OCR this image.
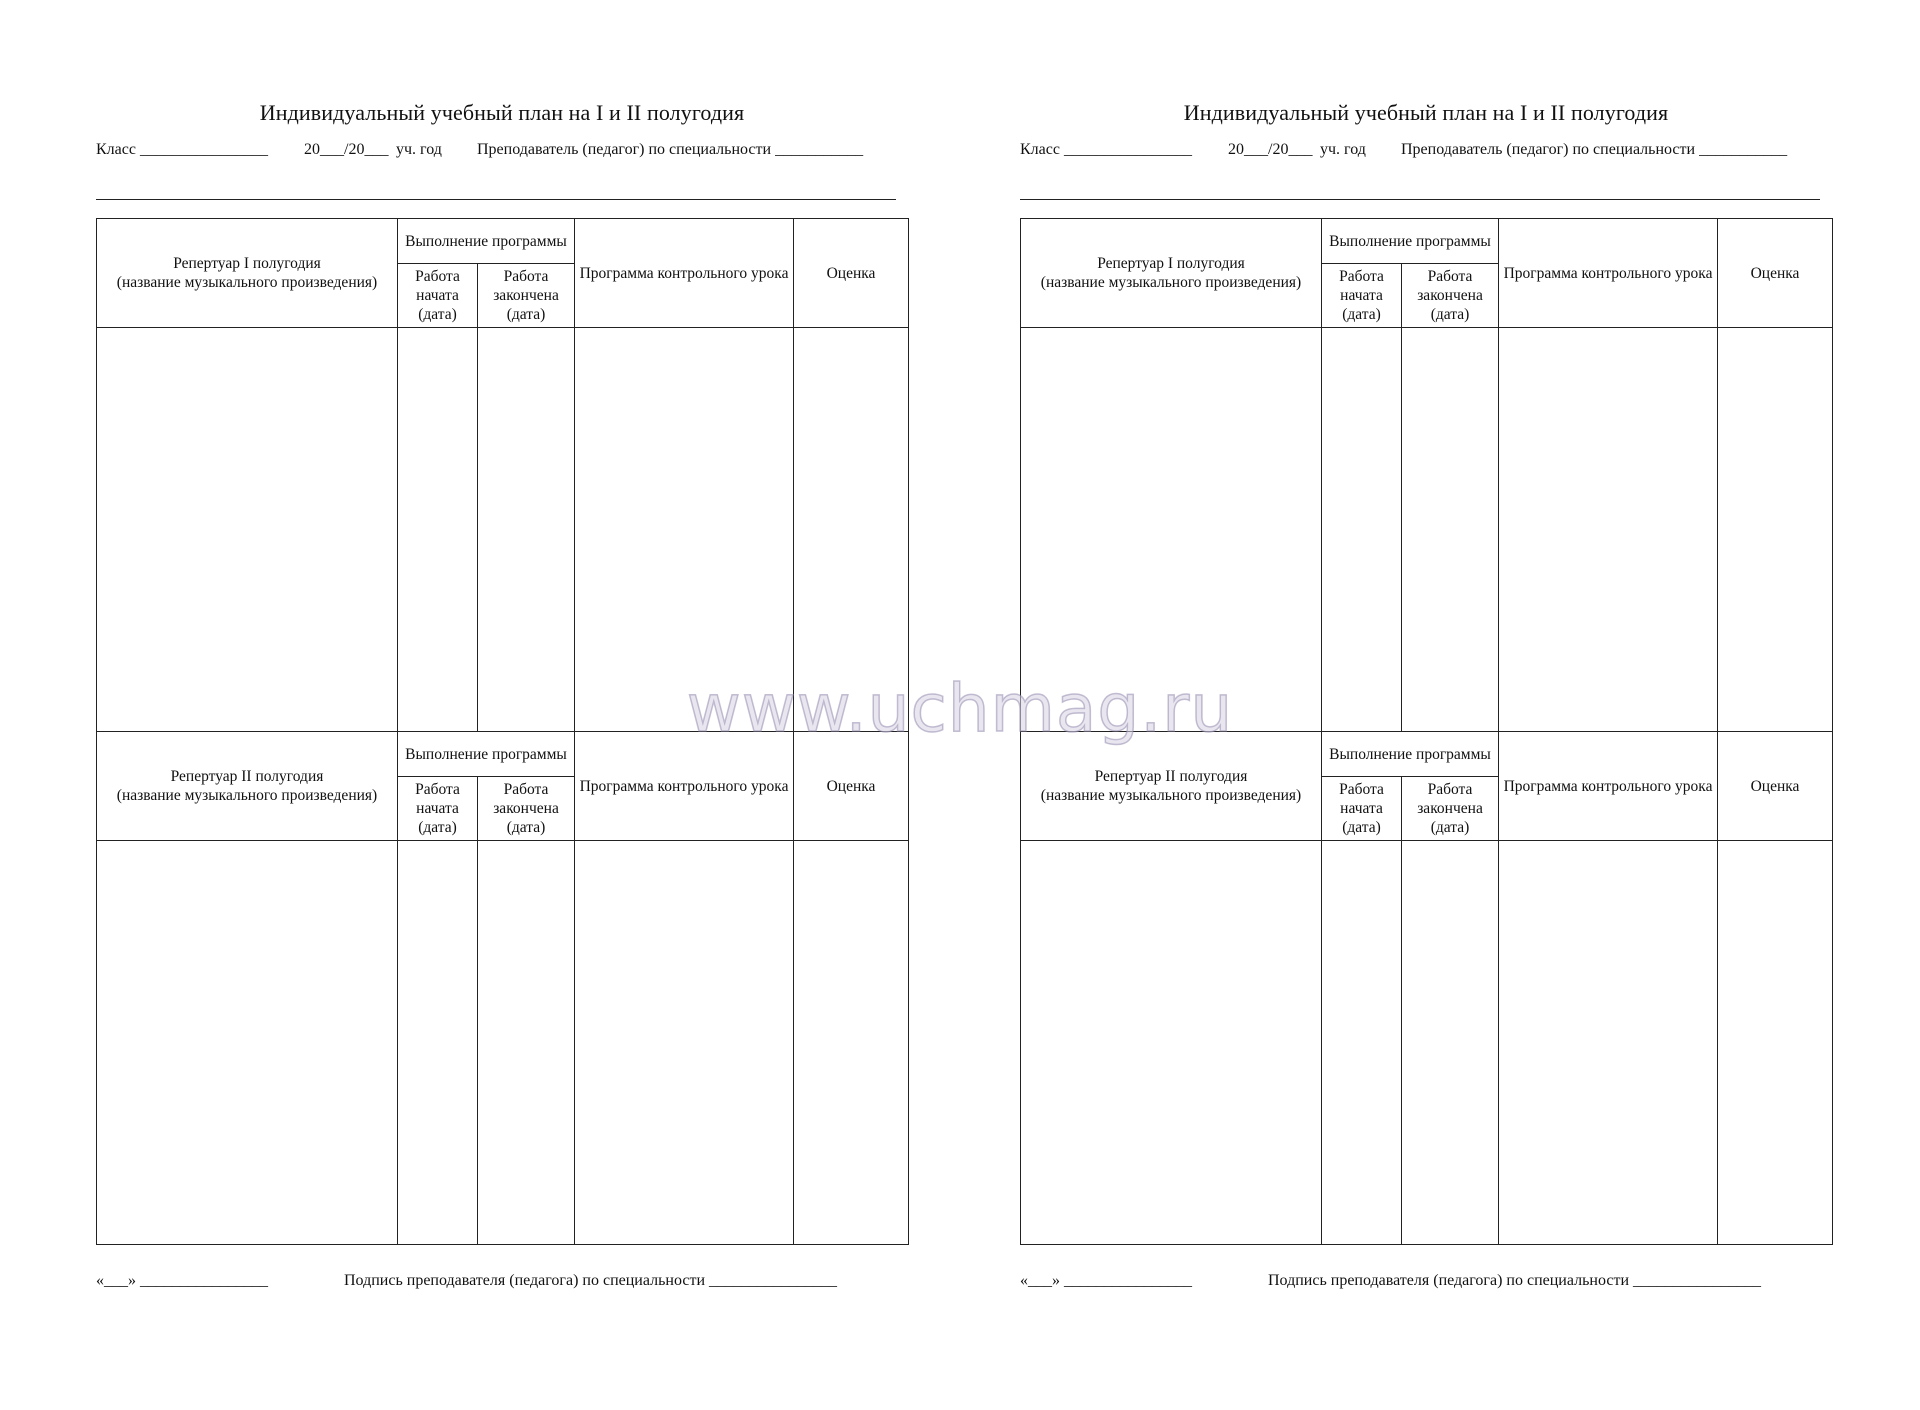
Индивидуальный учебный план на I и II полугодия
Класс ________________ 20___/20___ уч. год Преподаватель (педагог) по специальности ___________
Репертуар I полугодия
(название музыкального произведения)	Выполнение программы		Программа контрольного урока	Оценка
	Работа начата (дата)	Работа закончена (дата)		

Репертуар II полугодия
(название музыкального произведения)	Выполнение программы		Программа контрольного урока	Оценка
	Работа начата (дата)	Работа закончена (дата)		

«___» ________________	Подпись преподавателя (педагога) по специальности ________________
Индивидуальный учебный план на I и II полугодия
Класс ________________ 20___/20___ уч. год Преподаватель (педагог) по специальности ___________
Репертуар I полугодия
(название музыкального произведения)	Выполнение программы		Программа контрольного урока	Оценка
	Работа начата (дата)	Работа закончена (дата)		

Репертуар II полугодия
(название музыкального произведения)	Выполнение программы		Программа контрольного урока	Оценка
	Работа начата (дата)	Работа закончена (дата)		

«___» ________________	Подпись преподавателя (педагога) по специальности ________________
www.uchmag.ru
